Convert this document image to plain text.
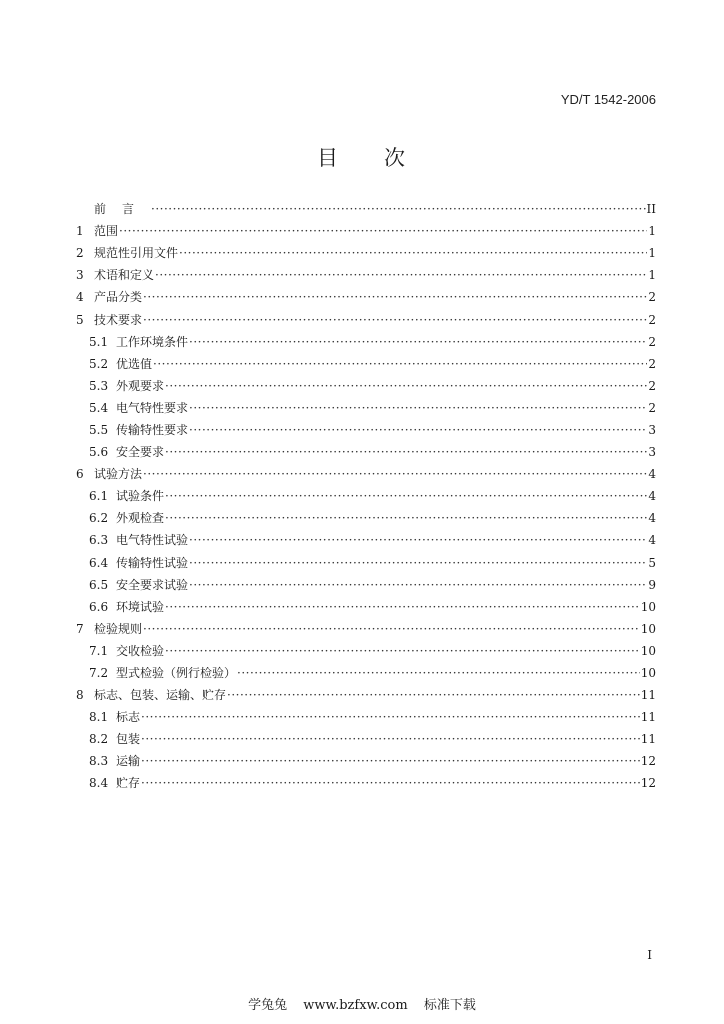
YD/T 1542-2006
目 次
前言 ·····	II
1 范围 ·····	1
2 规范性引用文件 ·····	1
3 术语和定义 ·····	1
4 产品分类 ·····	2
5 技术要求 ·····	2
5.1 工作环境条件 ·····	2
5.2 优选值 ·····	2
5.3 外观要求 ·····	2
5.4 电气特性要求 ·····	2
5.5 传输特性要求 ·····	3
5.6 安全要求 ·····	3
6 试验方法 ·····	4
6.1 试验条件 ·····	4
6.2 外观检查 ·····	4
6.3 电气特性试验 ·····	4
6.4 传输特性试验 ·····	5
6.5 安全要求试验 ·····	9
6.6 环境试验 ·····	10
7 检验规则 ·····	10
7.1 交收检验 ·····	10
7.2 型式检验（例行检验） ·····	10
8 标志、包装、运输、贮存 ·····	11
8.1 标志 ·····	11
8.2 包装 ·····	11
8.3 运输 ·····	12
8.4 贮存 ·····	12
I
学兔兔 www.bzfxw.com 标准下载
